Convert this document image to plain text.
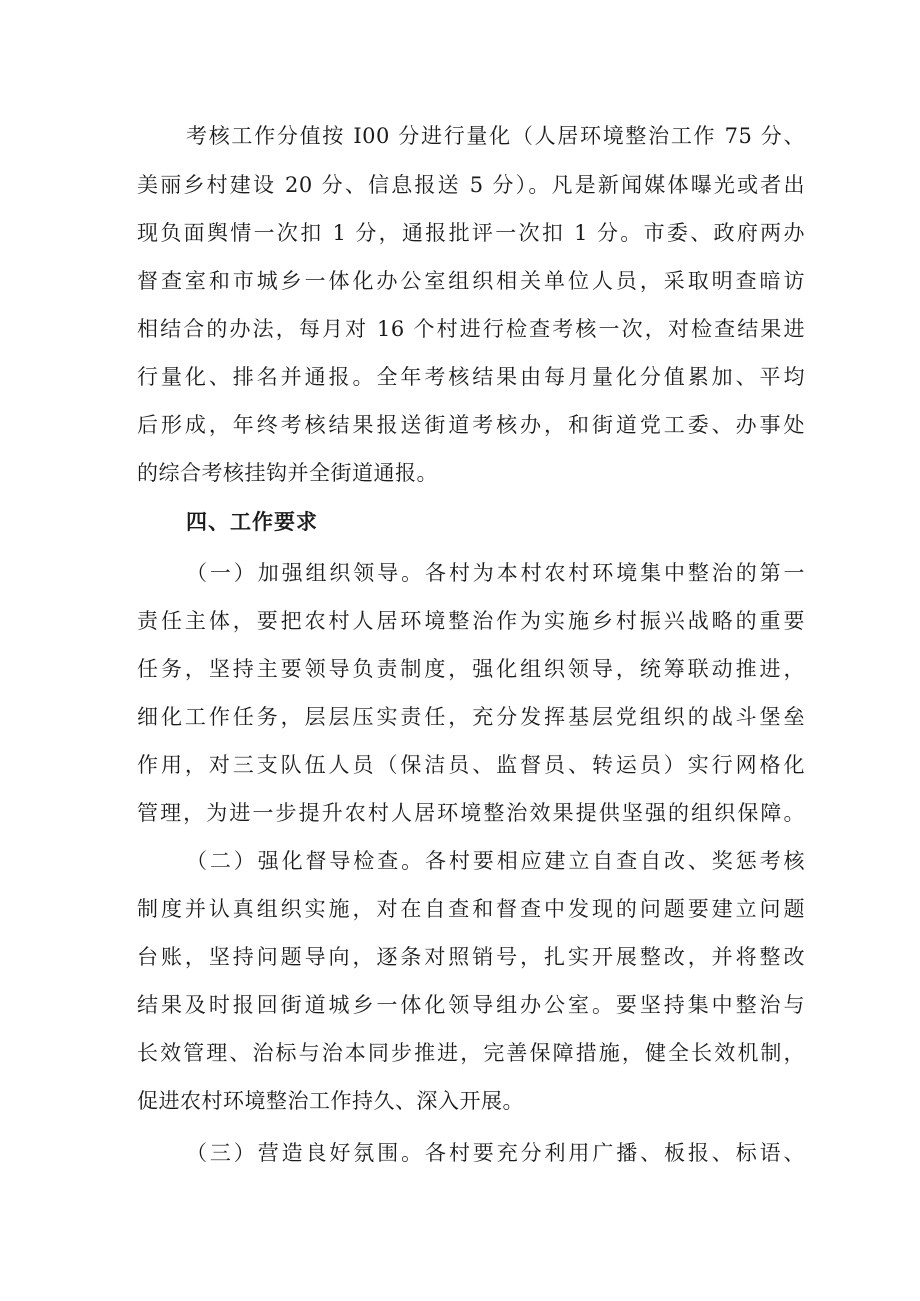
考核工作分值按 I00 分进行量化（人居环境整治工作 75 分、
美丽乡村建设 20 分、信息报送 5 分）。凡是新闻媒体曝光或者出
现负面舆情一次扣 1 分，通报批评一次扣 1 分。市委、政府两办
督查室和市城乡一体化办公室组织相关单位人员，采取明查暗访
相结合的办法，每月对 16 个村进行检查考核一次，对检查结果进
行量化、排名并通报。全年考核结果由每月量化分值累加、平均
后形成，年终考核结果报送街道考核办，和街道党工委、办事处
的综合考核挂钩并全街道通报。
四、工作要求
（一）加强组织领导。各村为本村农村环境集中整治的第一
责任主体，要把农村人居环境整治作为实施乡村振兴战略的重要
任务，坚持主要领导负责制度，强化组织领导，统筹联动推进，
细化工作任务，层层压实责任，充分发挥基层党组织的战斗堡垒
作用，对三支队伍人员（保洁员、监督员、转运员）实行网格化
管理，为进一步提升农村人居环境整治效果提供坚强的组织保障。
（二）强化督导检查。各村要相应建立自查自改、奖惩考核
制度并认真组织实施，对在自查和督查中发现的问题要建立问题
台账，坚持问题导向，逐条对照销号，扎实开展整改，并将整改
结果及时报回街道城乡一体化领导组办公室。要坚持集中整治与
长效管理、治标与治本同步推进，完善保障措施，健全长效机制，
促进农村环境整治工作持久、深入开展。
（三）营造良好氛围。各村要充分利用广播、板报、标语、
